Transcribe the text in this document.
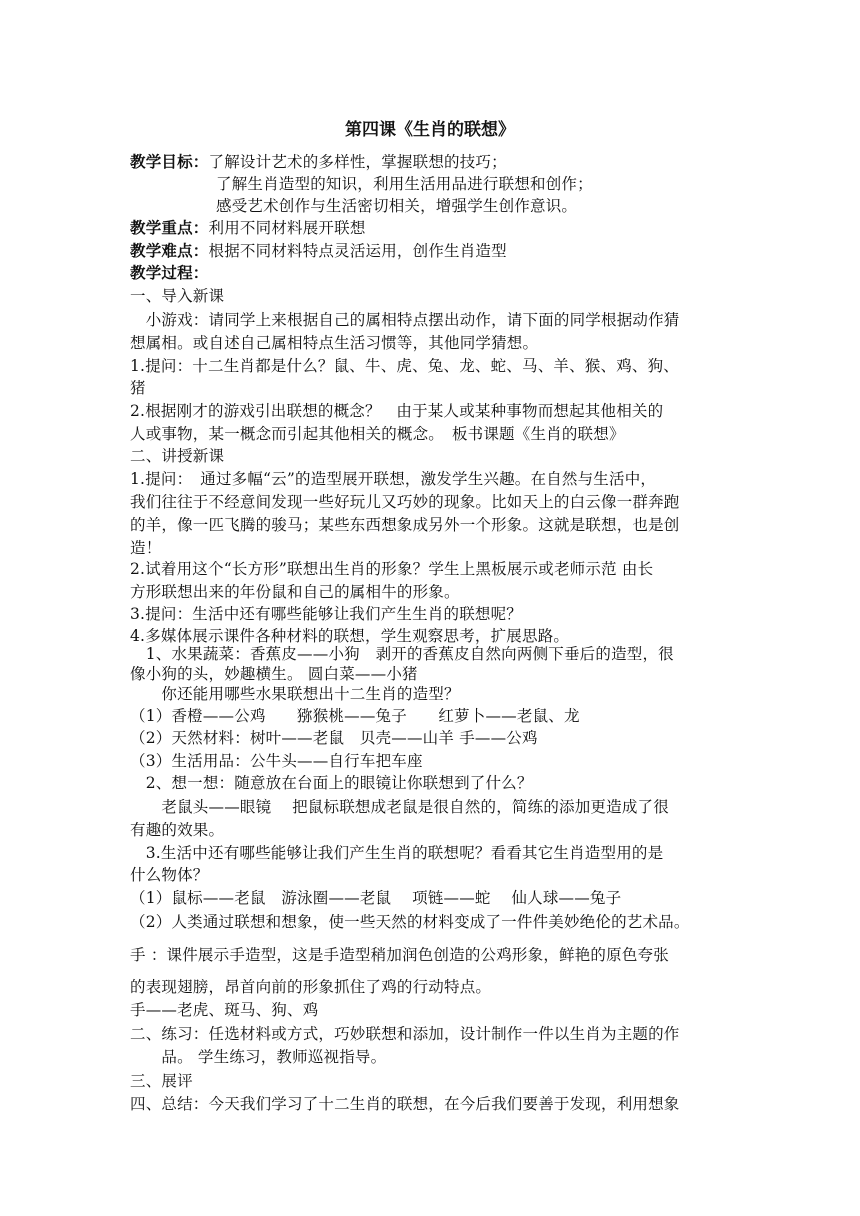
第四课《生肖的联想》
教学目标：了解设计艺术的多样性，掌握联想的技巧；
了解生肖造型的知识，利用生活用品进行联想和创作；
感受艺术创作与生活密切相关，增强学生创作意识。
教学重点：利用不同材料展开联想
教学难点：根据不同材料特点灵活运用，创作生肖造型
教学过程：
一、导入新课
　小游戏：请同学上来根据自己的属相特点摆出动作，请下面的同学根据动作猜
想属相。或自述自己属相特点生活习惯等，其他同学猜想。
1.提问：十二生肖都是什么？鼠、牛、虎、兔、龙、蛇、马、羊、猴、鸡、狗、
猪
2.根据刚才的游戏引出联想的概念？　由于某人或某种事物而想起其他相关的
人或事物，某一概念而引起其他相关的概念。　板书课题《生肖的联想》
二、讲授新课
1.提问：　通过多幅“云”的造型展开联想，激发学生兴趣。在自然与生活中，
我们往往于不经意间发现一些好玩儿又巧妙的现象。比如天上的白云像一群奔跑
的羊，像一匹飞腾的骏马；某些东西想象成另外一个形象。这就是联想，也是创
造！
2.试着用这个“长方形”联想出生肖的形象？学生上黑板展示或老师示范 由长
方形联想出来的年份鼠和自己的属相牛的形象。
3.提问：生活中还有哪些能够让我们产生生肖的联想呢？
4.多媒体展示课件各种材料的联想，学生观察思考，扩展思路。
　1、水果蔬菜：香蕉皮——小狗　剥开的香蕉皮自然向两侧下垂后的造型，很
像小狗的头，妙趣横生。 圆白菜——小猪
　　你还能用哪些水果联想出十二生肖的造型？
（1）香橙——公鸡　　猕猴桃——兔子　　红萝卜——老鼠、龙
（2）天然材料：树叶——老鼠　贝壳——山羊 手——公鸡
（3）生活用品：公牛头——自行车把车座
　2、想一想：随意放在台面上的眼镜让你联想到了什么？
　　老鼠头——眼镜　 把鼠标联想成老鼠是很自然的，简练的添加更造成了很
有趣的效果。
　3.生活中还有哪些能够让我们产生生肖的联想呢？看看其它生肖造型用的是
什么物体？
（1）鼠标——老鼠　游泳圈——老鼠　 项链——蛇　 仙人球——兔子
（2）人类通过联想和想象，使一些天然的材料变成了一件件美妙绝伦的艺术品。
手 ：课件展示手造型，这是手造型稍加润色创造的公鸡形象，鲜艳的原色夸张
的表现翅膀，昂首向前的形象抓住了鸡的行动特点。
手——老虎、斑马、狗、鸡
二、练习：任选材料或方式，巧妙联想和添加，设计制作一件以生肖为主题的作
　　品。 学生练习，教师巡视指导。
三、展评
四、总结：今天我们学习了十二生肖的联想，在今后我们要善于发现，利用想象
